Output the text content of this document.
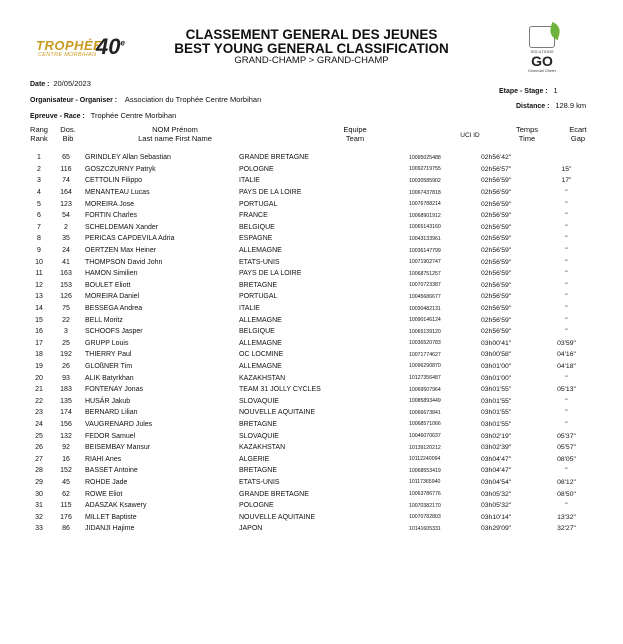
TROPHÉE
CENTRE MORBIHAN 40e
CLASSEMENT GENERAL DES JEUNES
BEST YOUNG GENERAL CLASSIFICATION
GRAND-CHAMP > GRAND-CHAMP
SOLUTIONS
GO
Gwendal Olivier
Date : 20/05/2023
Organisateur - Organiser : Association du Trophée Centre Morbihan
Epreuve - Race : Trophée Centre Morbihan
Etape - Stage : 1
Distance : 128.9 km
Rang
Rank
Dos.
Bib
NOM Prénom
Last name First Name
Equipe
Team	UCI ID
Temps
Time
Ecart
Gap
1	65	GRINDLEY Allan Sebastian	GRANDE BRETAGNE	10095025488	02h56'42"	
2	116	GOSZCZURNY Patryk	POLOGNE	10092719755	02h56'57"	15"
3	74	CETTOLIN Filippo	ITALIE	10030585902	02h56'59"	17"
4	164	MENANTEAU Lucas	PAYS DE LA LOIRE	10067437818	02h56'59"	"
5	123	MOREIRA Jose	PORTUGAL	10076788214	02h56'59"	"
6	54	FORTIN Charles	FRANCE	10068901912	02h56'59"	"
7	2	SCHELDEMAN Xander	BELGIQUE	10065143160	02h56'59"	"
8	35	PERICAS CAPDEVILA Adria	ESPAGNE	10043133961	02h56'59"	"
9	24	OERTZEN Max Heiner	ALLEMAGNE	10036147799	02h56'59"	"
10	41	THOMPSON David John	ETATS-UNIS	10071902747	02h56'59"	"
11	163	HAMON Similien	PAYS DE LA LOIRE	10068751257	02h56'59"	"
12	153	BOULET Eliott	BRETAGNE	10070723387	02h56'59"	"
13	126	MOREIRA Daniel	PORTUGAL	10045686677	02h56'59"	"
14	75	BESSEGA Andrea	ITALIE	10030482131	02h56'59"	"
15	22	BELL Moritz	ALLEMAGNE	10090146124	02h56'59"	"
16	3	SCHOOFS Jasper	BELGIQUE	10065139120	02h56'59"	"
17	25	GRUPP Louis	ALLEMAGNE	10036520783	03h00'41"	03'59"
18	192	THIERRY Paul	OC LOCMINE	10071774627	03h00'58"	04'16"
19	26	GLOßNER Tim	ALLEMAGNE	10096290870	03h01'00"	04'18"
20	93	ALIK Batyrkhan	KAZAKHSTAN	10127356487	03h01'00"	"
21	183	FONTENAY Jonas	TEAM 31 JOLLY CYCLES	10069507964	03h01'55"	05'13"
22	135	HUSÁR Jakub	SLOVAQUIE	10085893449	03h01'55"	"
23	174	BERNARD Lilian	NOUVELLE AQUITAINE	10066673841	03h01'55"	"
24	156	VAUGRENARD Jules	BRETAGNE	10068571066	03h01'55"	"
25	132	FEDOR Samuel	SLOVAQUIE	10046070637	03h02'19"	05'37"
26	92	BEISEMBAY Mansur	KAZAKHSTAN	10139120212	03h02'39"	05'57"
27	16	RIAHI Anes	ALGERIE	10112240094	03h04'47"	08'05"
28	152	BASSET Antoine	BRETAGNE	10068553419	03h04'47"	"
29	45	ROHDE Jade	ETATS-UNIS	10117365940	03h04'54"	08'12"
30	62	ROWE Eliot	GRANDE BRETAGNE	10063786776	03h05'32"	08'50"
31	115	ADASZAK Ksawery	POLOGNE	10070382170	03h05'32"	"
32	176	MILLET Baptiste	NOUVELLE AQUITAINE	10070782803	03h10'14"	13'32"
33	86	JIDANJI Hajime	JAPON	10141605331	03h29'09"	32'27"
